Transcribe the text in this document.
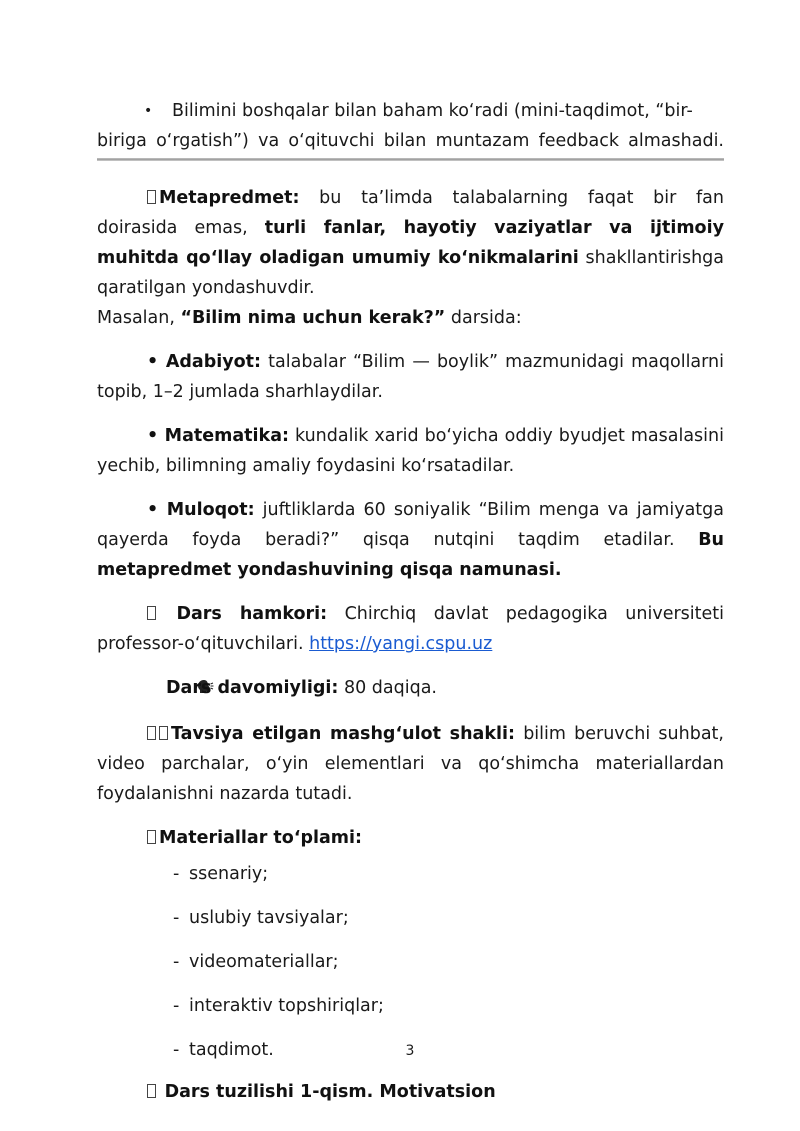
•	Bilimini boshqalar bilan baham ko‘radi (mini-taqdimot, “bir-

biriga o‘rgatish”) va o‘qituvchi bilan muntazam feedback almashadi.

Metapredmet: bu ta’limda talabalarning faqat bir fan doirasida emas, turli fanlar, hayotiy vaziyatlar va ijtimoiy muhitda qo‘llay oladigan umumiy ko‘nikmalarini shakllantirishga qaratilgan yondashuvdir.

Masalan, “Bilim nima uchun kerak?” darsida:

• Adabiyot: talabalar “Bilim — boylik” mazmunidagi maqollarni topib, 1–2 jumlada sharhlaydilar.

• Matematika: kundalik xarid bo‘yicha oddiy byudjet masalasini yechib, bilimning amaliy foydasini ko‘rsatadilar.

• Muloqot: juftliklarda 60 soniyalik “Bilim menga va jamiyatga qayerda foyda beradi?” qisqa nutqini taqdim etadilar. Bu metapredmet yondashuvining qisqa namunasi.

Dars hamkori: Chirchiq davlat pedagogika universiteti professor-o‘qituvchilari. https://yangi.cspu.uz

Dars davomiyligi: 80 daqiqa.

Tavsiya etilgan mashg‘ulot shakli: bilim beruvchi suhbat, video parchalar, o‘yin elementlari va qo‘shimcha materiallardan foydalanishni nazarda tutadi.

Materiallar to‘plami:

- ssenariy;
- uslubiy tavsiyalar;
- videomateriallar;
- interaktiv topshiriqlar;
- taqdimot.

Dars tuzilishi 1-qism. Motivatsion

3
